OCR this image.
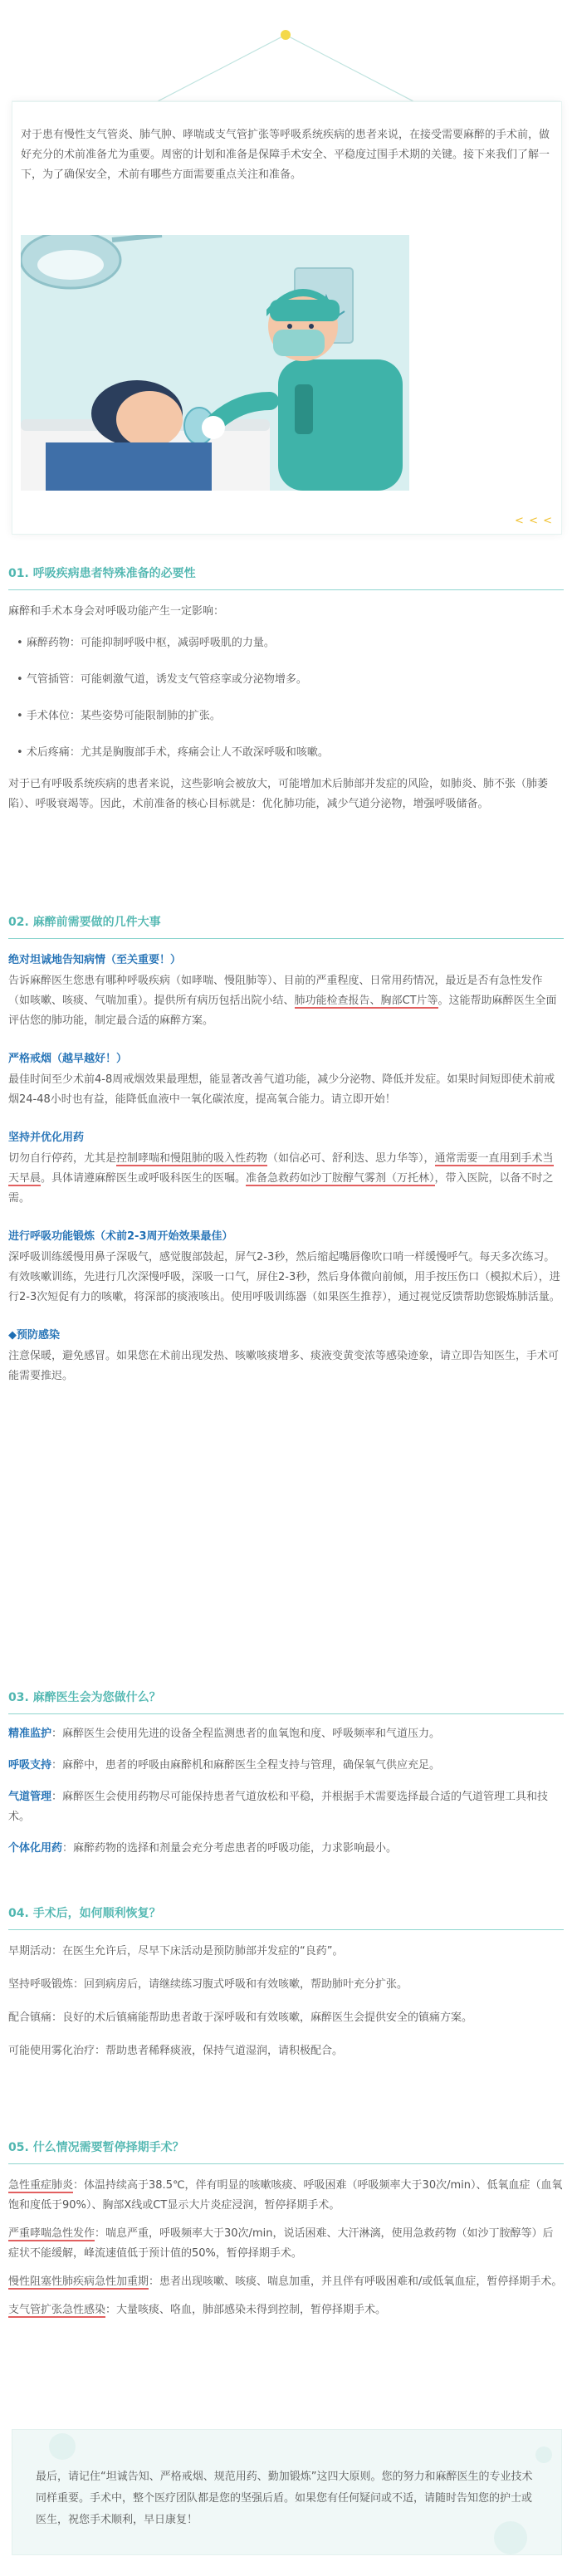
对于患有慢性支气管炎、肺气肿、哮喘或支气管扩张等呼吸系统疾病的患者来说，在接受需要麻醉的手术前，做好充分的术前准备尤为重要。周密的计划和准备是保障手术安全、平稳度过围手术期的关键。接下来我们了解一下，为了确保安全，术前有哪些方面需要重点关注和准备。

< < <
01. 呼吸疾病患者特殊准备的必要性

麻醉和手术本身会对呼吸功能产生一定影响：

• 麻醉药物：可能抑制呼吸中枢，减弱呼吸肌的力量。

• 气管插管：可能刺激气道，诱发支气管痉挛或分泌物增多。

• 手术体位：某些姿势可能限制肺的扩张。

• 术后疼痛：尤其是胸腹部手术，疼痛会让人不敢深呼吸和咳嗽。

对于已有呼吸系统疾病的患者来说，这些影响会被放大，可能增加术后肺部并发症的风险，如肺炎、肺不张（肺萎陷）、呼吸衰竭等。因此，术前准备的核心目标就是：优化肺功能，减少气道分泌物，增强呼吸储备。

02. 麻醉前需要做的几件大事

绝对坦诚地告知病情（至关重要！）

告诉麻醉医生您患有哪种呼吸疾病（如哮喘、慢阻肺等）、目前的严重程度、日常用药情况，最近是否有急性发作（如咳嗽、咳痰、气喘加重）。提供所有病历包括出院小结、肺功能检查报告、胸部CT片等。这能帮助麻醉医生全面评估您的肺功能，制定最合适的麻醉方案。

严格戒烟（越早越好！）

最佳时间至少术前4-8周戒烟效果最理想，能显著改善气道功能，减少分泌物、降低并发症。如果时间短即使术前戒烟24-48小时也有益，能降低血液中一氧化碳浓度，提高氧合能力。请立即开始！

坚持并优化用药

切勿自行停药，尤其是控制哮喘和慢阻肺的吸入性药物（如信必可、舒利迭、思力华等），通常需要一直用到手术当天早晨。具体请遵麻醉医生或呼吸科医生的医嘱。准备急救药如沙丁胺醇气雾剂（万托林），带入医院，以备不时之需。

进行呼吸功能锻炼（术前2-3周开始效果最佳）

深呼吸训练缓慢用鼻子深吸气，感觉腹部鼓起，屏气2-3秒，然后缩起嘴唇像吹口哨一样缓慢呼气。每天多次练习。有效咳嗽训练，先进行几次深慢呼吸，深吸一口气，屏住2-3秒，然后身体微向前倾，用手按压伤口（模拟术后），进行2-3次短促有力的咳嗽，将深部的痰液咳出。使用呼吸训练器（如果医生推荐），通过视觉反馈帮助您锻炼肺活量。

◆预防感染

注意保暖，避免感冒。如果您在术前出现发热、咳嗽咳痰增多、痰液变黄变浓等感染迹象，请立即告知医生，手术可能需要推迟。

03. 麻醉医生会为您做什么？

精准监护：麻醉医生会使用先进的设备全程监测患者的血氧饱和度、呼吸频率和气道压力。

呼吸支持：麻醉中，患者的呼吸由麻醉机和麻醉医生全程支持与管理，确保氧气供应充足。

气道管理：麻醉医生会使用药物尽可能保持患者气道放松和平稳，并根据手术需要选择最合适的气道管理工具和技术。

个体化用药：麻醉药物的选择和剂量会充分考虑患者的呼吸功能，力求影响最小。

04. 手术后，如何顺利恢复？

早期活动：在医生允许后，尽早下床活动是预防肺部并发症的“良药”。

坚持呼吸锻炼：回到病房后，请继续练习腹式呼吸和有效咳嗽，帮助肺叶充分扩张。

配合镇痛：良好的术后镇痛能帮助患者敢于深呼吸和有效咳嗽，麻醉医生会提供安全的镇痛方案。

可能使用雾化治疗：帮助患者稀释痰液，保持气道湿润，请积极配合。

05. 什么情况需要暂停择期手术？

急性重症肺炎：体温持续高于38.5℃，伴有明显的咳嗽咳痰、呼吸困难（呼吸频率大于30次/min）、低氧血症（血氧饱和度低于90%）、胸部X线或CT显示大片炎症浸润，暂停择期手术。

严重哮喘急性发作：喘息严重，呼吸频率大于30次/min，说话困难、大汗淋漓，使用急救药物（如沙丁胺醇等）后症状不能缓解，峰流速值低于预计值的50%，暂停择期手术。

慢性阻塞性肺疾病急性加重期：患者出现咳嗽、咳痰、喘息加重，并且伴有呼吸困难和/或低氧血症，暂停择期手术。

支气管扩张急性感染：大量咳痰、咯血，肺部感染未得到控制，暂停择期手术。

最后，请记住“坦诚告知、严格戒烟、规范用药、勤加锻炼”这四大原则。您的努力和麻醉医生的专业技术同样重要。手术中，整个医疗团队都是您的坚强后盾。如果您有任何疑问或不适，请随时告知您的护士或医生，祝您手术顺利，早日康复！
